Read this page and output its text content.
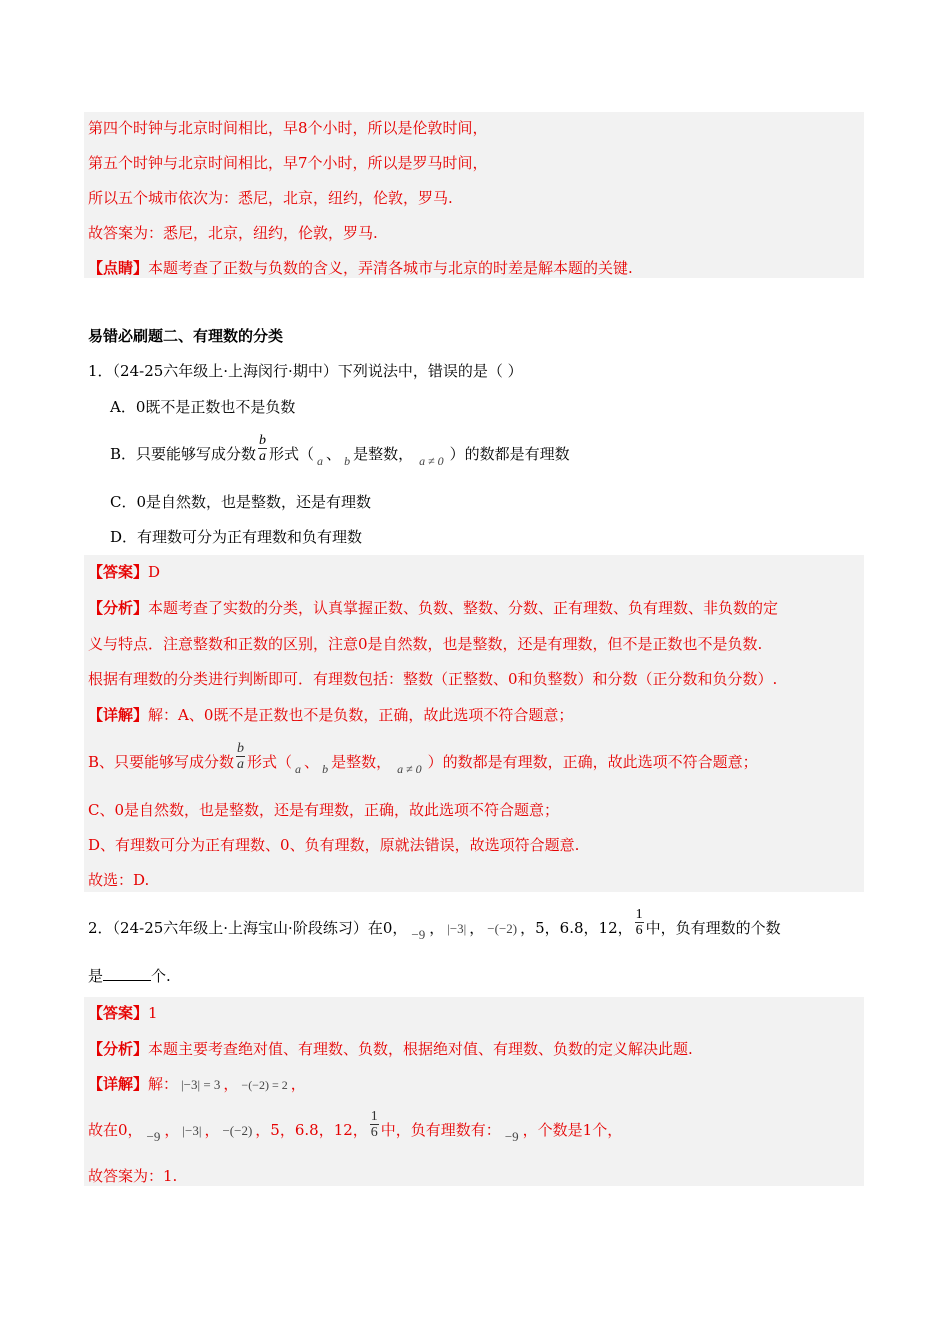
第四个时钟与北京时间相比，早8个小时，所以是伦敦时间，
第五个时钟与北京时间相比，早7个小时，所以是罗马时间，
所以五个城市依次为：悉尼，北京，纽约，伦敦，罗马.
故答案为：悉尼，北京，纽约，伦敦，罗马.
【点睛】本题考查了正数与负数的含义，弄清各城市与北京的时差是解本题的关键.
易错必刷题二、有理数的分类
1．（24-25六年级上·上海闵行·期中）下列说法中，错误的是（ ）
A．0既不是正数也不是负数
B．只要能够写成分数 $\frac{b}{a}$ 形式（ $_a$ 、 $_b$ 是整数， $_{a \ne 0}$ ）的数都是有理数
C．0是自然数，也是整数，还是有理数
D．有理数可分为正有理数和负有理数
【答案】D
【分析】本题考查了实数的分类，认真掌握正数、负数、整数、分数、正有理数、负有理数、非负数的定
义与特点．注意整数和正数的区别，注意0是自然数，也是整数，还是有理数，但不是正数也不是负数.
根据有理数的分类进行判断即可．有理数包括：整数（正整数、0和负整数）和分数（正分数和负分数）.
【详解】解：A、0既不是正数也不是负数，正确，故此选项不符合题意；
B、只要能够写成分数 $\frac{b}{a}$ 形式（ $_a$ 、 $_b$ 是整数， $_{a \ne 0}$ ）的数都是有理数，正确，故此选项不符合题意；
C、0是自然数，也是整数，还是有理数，正确，故此选项不符合题意；
D、有理数可分为正有理数、0、负有理数，原就法错误，故选项符合题意.
故选：D.
2．（24-25六年级上·上海宝山·阶段练习）在0， −9 ， |−3| ， −(−2) ，5，6.8，12， $\frac{1}{6}$ 中，负有理数的个数
是	个.
【答案】1
【分析】本题主要考查绝对值、有理数、负数，根据绝对值、有理数、负数的定义解决此题.
【详解】解： |−3| = 3 ， −(−2) = 2 ，
故在0， −9 ， |−3| ， −(−2) ，5，6.8，12， $\frac{1}{6}$ 中，负有理数有： −9 ，个数是1个，
故答案为：1.
